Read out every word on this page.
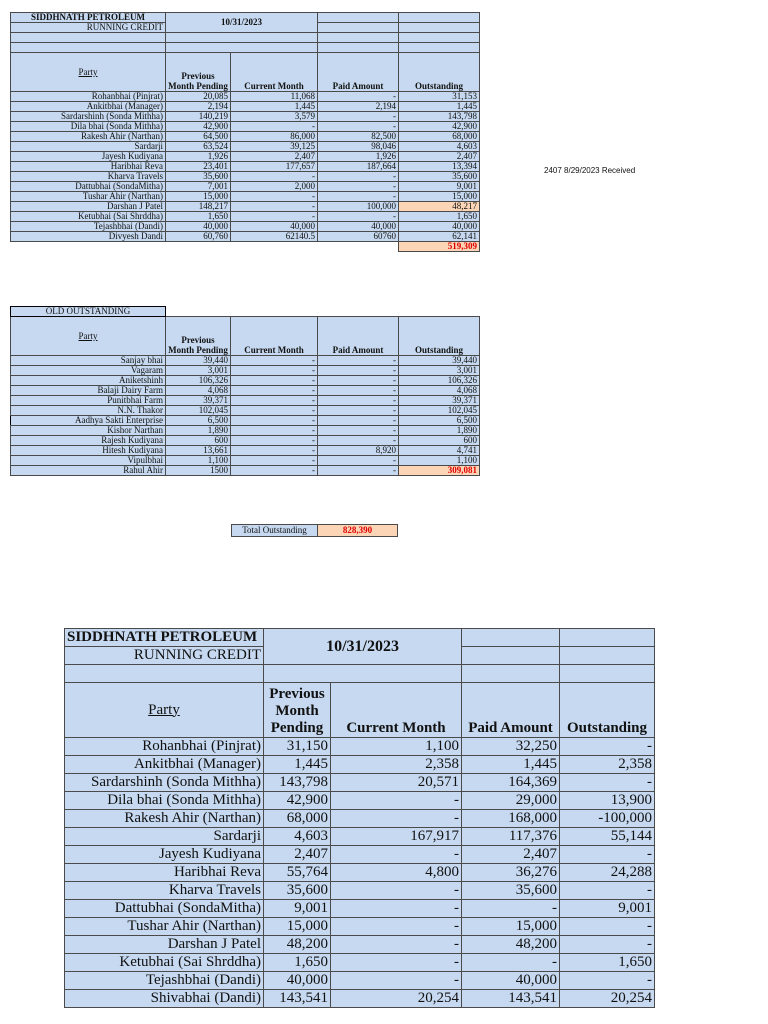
SIDDHNATH PETROLEUM	10/31/2023			
RUNNING CREDIT				

Party	Previous Month Pending	Current Month	Paid Amount	Outstanding
Rohanbhai (Pinjrat)	20,085	11,068	-	31,153
Ankitbhai (Manager)	2,194	1,445	2,194	1,445
Sardarshinh (Sonda Mithha)	140,219	3,579	-	143,798
Dila bhai (Sonda Mithha)	42,900	-	-	42,900
Rakesh Ahir (Narthan)	64,500	86,000	82,500	68,000
Sardarji	63,524	39,125	98,046	4,603
Jayesh Kudiyana	1,926	2,407	1,926	2,407
Haribhai Reva	23,401	177,657	187,664	13,394
Kharva Travels	35,600	-	-	35,600
Dattubhai (SondaMitha)	7,001	2,000	-	9,001
Tushar Ahir (Narthan)	15,000	-	-	15,000
Darshan J Patel	148,217	-	100,000	48,217
Ketubhai (Sai Shrddha)	1,650	-	-	1,650
Tejashbhai (Dandi)	40,000	40,000	40,000	40,000
Divyesh Dandi	60,760	62140.5	60760	62,141
				519,309
2407 8/29/2023 Received
OLD OUTSTANDING				
Party	Previous Month Pending	Current Month	Paid Amount	Outstanding
Sanjay bhai	39,440	-	-	39,440
Vagaram	3,001	-	-	3,001
Aniketshinh	106,326	-	-	106,326
Balaji Dairy Farm	4,068	-	-	4,068
Punitbhai Farm	39,371	-	-	39,371
N.N. Thakor	102,045	-	-	102,045
Aadhya Sakti Enterprise	6,500	-	-	6,500
Kishor Narthan	1,890	-	-	1,890
Rajesh Kudiyana	600	-	-	600
Hitesh Kudiyana	13,661	-	8,920	4,741
Vipulbhai	1,100	-	-	1,100
Rahul Ahir	1500	-	-	309,081
Total Outstanding	828,390
SIDDHNATH PETROLEUM	10/31/2023			
RUNNING CREDIT				

Party	Previous Month Pending	Current Month	Paid Amount	Outstanding
Rohanbhai (Pinjrat)	31,150	1,100	32,250	-
Ankitbhai (Manager)	1,445	2,358	1,445	2,358
Sardarshinh (Sonda Mithha)	143,798	20,571	164,369	-
Dila bhai (Sonda Mithha)	42,900	-	29,000	13,900
Rakesh Ahir (Narthan)	68,000	-	168,000	-100,000
Sardarji	4,603	167,917	117,376	55,144
Jayesh Kudiyana	2,407	-	2,407	-
Haribhai Reva	55,764	4,800	36,276	24,288
Kharva Travels	35,600	-	35,600	-
Dattubhai (SondaMitha)	9,001	-	-	9,001
Tushar Ahir (Narthan)	15,000	-	15,000	-
Darshan J Patel	48,200	-	48,200	-
Ketubhai (Sai Shrddha)	1,650	-	-	1,650
Tejashbhai (Dandi)	40,000	-	40,000	-
Shivabhai (Dandi)	143,541	20,254	143,541	20,254
